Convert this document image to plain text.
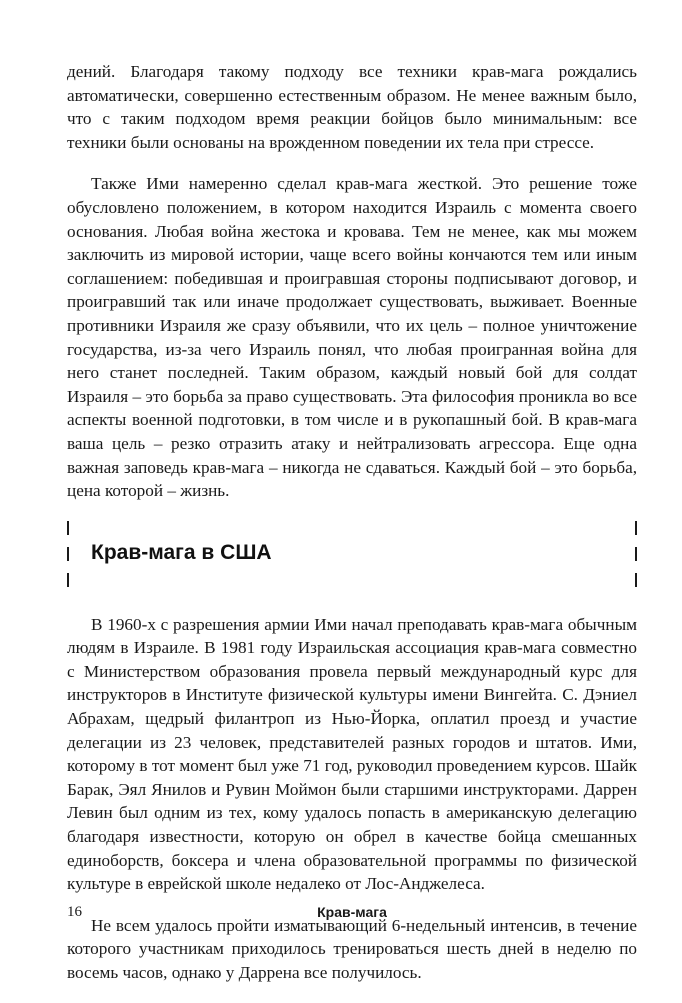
дений. Благодаря такому подходу все техники крав-мага рождались автоматически, совершенно естественным образом. Не менее важным было, что с таким подходом время реакции бойцов было минимальным: все техники были основаны на врожденном поведении их тела при стрессе.

Также Ими намеренно сделал крав-мага жесткой. Это решение тоже обусловлено положением, в котором находится Израиль с момента своего основания. Любая война жестока и кровава. Тем не менее, как мы можем заключить из мировой истории, чаще всего войны кончаются тем или иным соглашением: победившая и проигравшая стороны подписывают договор, и проигравший так или иначе продолжает существовать, выживает. Военные противники Израиля же сразу объявили, что их цель – полное уничтожение государства, из-за чего Израиль понял, что любая проигранная война для него станет последней. Таким образом, каждый новый бой для солдат Израиля – это борьба за право существовать. Эта философия проникла во все аспекты военной подготовки, в том числе и в рукопашный бой. В крав-мага ваша цель – резко отразить атаку и нейтрализовать агрессора. Еще одна важная заповедь крав-мага – никогда не сдаваться. Каждый бой – это борьба, цена которой – жизнь.

Крав-мага в США

В 1960-х с разрешения армии Ими начал преподавать крав-мага обычным людям в Израиле. В 1981 году Израильская ассоциация крав-мага совместно с Министерством образования провела первый международный курс для инструкторов в Институте физической культуры имени Вингейта. С. Дэниел Абрахам, щедрый филантроп из Нью-Йорка, оплатил проезд и участие делегации из 23 человек, представителей разных городов и штатов. Ими, которому в тот момент был уже 71 год, руководил проведением курсов. Шайк Барак, Эял Янилов и Рувин Моймон были старшими инструкторами. Даррен Левин был одним из тех, кому удалось попасть в американскую делегацию благодаря известности, которую он обрел в качестве бойца смешанных единоборств, боксера и члена образовательной программы по физической культуре в еврейской школе недалеко от Лос-Анджелеса.

Не всем удалось пройти изматывающий 6-недельный интенсив, в течение которого участникам приходилось тренироваться шесть дней в неделю по восемь часов, однако у Даррена все получилось.

16	Крав-мага
